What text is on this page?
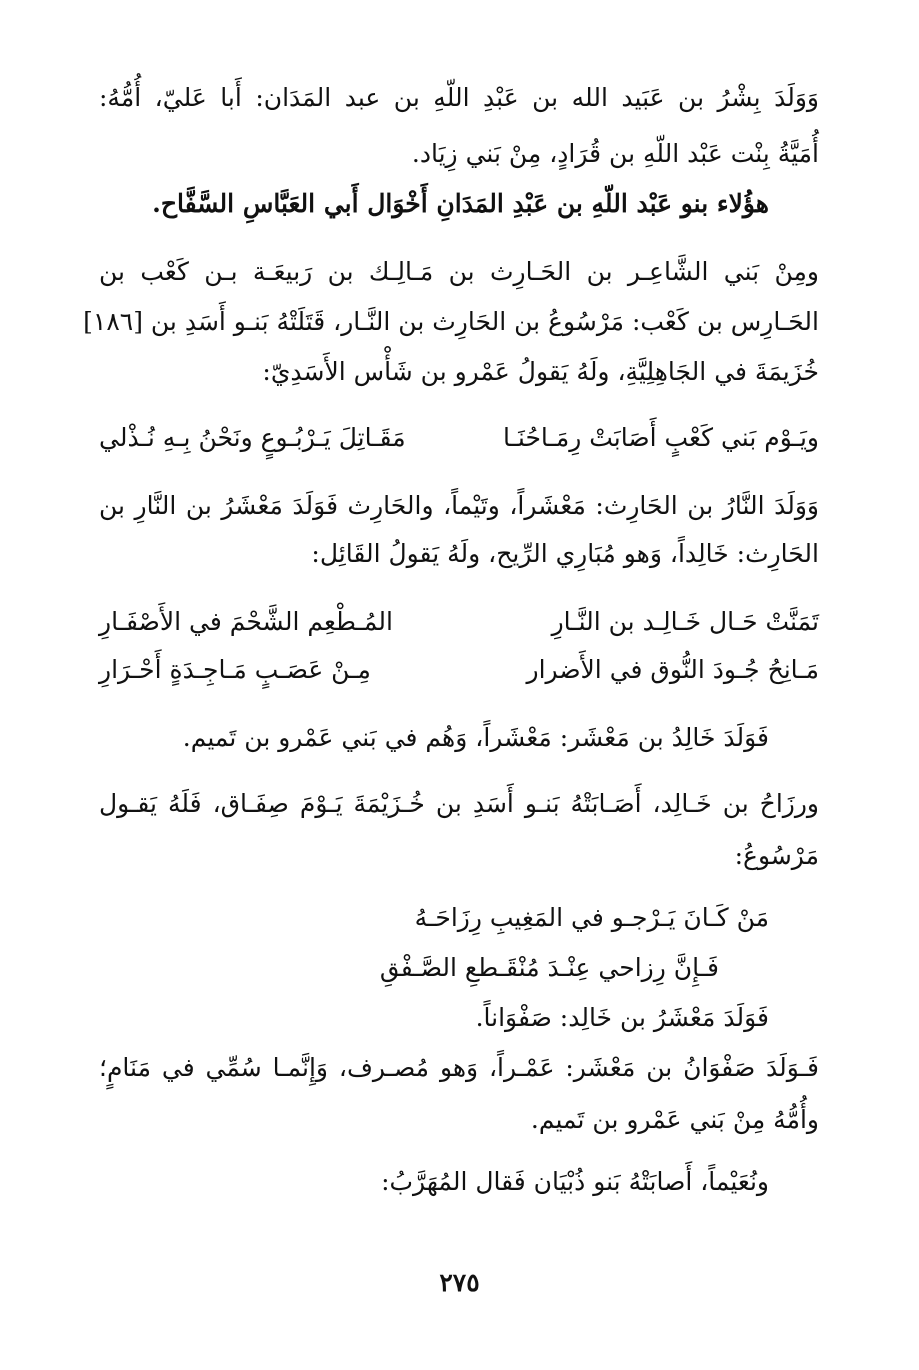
وَوَلَدَ بِشْرُ بن عَبَيد الله بن عَبْدِ اللّهِ بن عبد المَدَان: أَبا عَليّ، أُمُّهُ:
أُمَيَّةُ بِنْت عَبْد اللّهِ بن قُرَادٍ، مِنْ بَني زِيَاد.
هؤُلاء بنو عَبْد اللّهِ بن عَبْدِ المَدَانِ أَخْوَال أَبي العَبَّاسِ السَّفَّاح.
ومِنْ بَني الشَّاعِـر بن الحَـارِث بن مَـالِـك بن رَبيعَـة بـن كَعْب بن
الحَـارِس بن كَعْب: مَرْسُوعُ بن الحَارِث بن النَّـار، قَتَلَتْهُ بَنـو أَسَدِ بن [١٨٦]
خُزَيمَةَ في الجَاهِلِيَّةِ، ولَهُ يَقولُ عَمْرو بن شَأْس الأَسَدِيّ:
ويَـوْم بَني كَعْبٍ أَصَابَتْ رِمَـاحُنَـا
مَقَـاتِلَ يَـرْبُـوعٍ ونَحْنُ بِـهِ نُـذْلي
وَوَلَدَ النَّارُ بن الحَارِث: مَعْشَراً، وتَيْماً، والحَارِث فَوَلَدَ مَعْشَرُ بن النَّارِ بن
الحَارِث: خَالِداً، وَهو مُبَارِي الرِّيح، ولَهُ يَقولُ القَائِل:
تَمَنَّتْ حَـال خَـالِـد بن النَّـارِ
المُـطْعِم الشَّحْمَ في الأَصْفَـارِ
مَـانِحُ جُـودَ النُّوق في الأَضرار
مِـنْ عَصَـبٍ مَـاجِـدَةٍ أَحْـرَارِ
فَوَلَدَ خَالِدُ بن مَعْشَر: مَعْشَراً، وَهُم في بَني عَمْرو بن تَميم.
ورزَاحُ بن خَـالِد، أَصَـابَتْهُ بَنـو أَسَدِ بن خُـزَيْمَةَ يَـوْمَ صِفَـاق، فَلَهُ يَقـول
مَرْسُوعُ:
مَنْ كَـانَ يَـرْجـو في المَغِيبِ رِزَاحَـهُ
فَـإِنَّ رِزاحي عِنْـدَ مُنْقَـطعِ الصَّـفْقِ
فَوَلَدَ مَعْشَرُ بن خَالِد: صَفْوَاناً.
فَـوَلَدَ صَفْوَانُ بن مَعْشَر: عَمْـراً، وَهو مُصـرف، وَإِنَّمـا سُمِّي في مَنَامٍ؛
وأُمُّهُ مِنْ بَني عَمْرو بن تَميم.
ونُعَيْماً، أَصابَتْهُ بَنو ذُبْيَان فَقال المُهَرَّبُ:
٢٧٥
